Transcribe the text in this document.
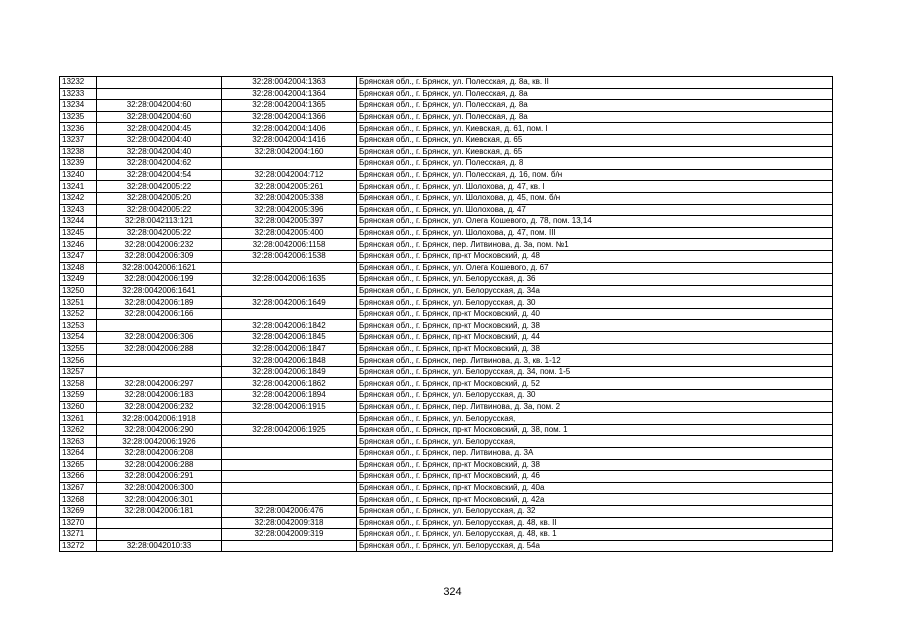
13232		32:28:0042004:1363	Брянская обл., г. Брянск, ул. Полесская, д. 8а, кв. II
13233		32:28:0042004:1364	Брянская обл., г. Брянск, ул. Полесская, д. 8а
13234	32:28:0042004:60	32:28:0042004:1365	Брянская обл., г. Брянск, ул. Полесская, д. 8а
13235	32:28:0042004:60	32:28:0042004:1366	Брянская обл., г. Брянск, ул. Полесская, д. 8а
13236	32:28:0042004:45	32:28:0042004:1406	Брянская обл., г. Брянск, ул. Киевская, д. 61, пом. I
13237	32:28:0042004:40	32:28:0042004:1416	Брянская обл., г. Брянск, ул. Киевская, д. 65
13238	32:28:0042004:40	32:28:0042004:160	Брянская обл., г. Брянск, ул. Киевская, д. 65
13239	32:28:0042004:62		Брянская обл., г. Брянск, ул. Полесская, д. 8
13240	32:28:0042004:54	32:28:0042004:712	Брянская обл., г. Брянск, ул. Полесская, д. 16, пом. б/н
13241	32:28:0042005:22	32:28:0042005:261	Брянская обл., г. Брянск, ул. Шолохова, д. 47, кв. I
13242	32:28:0042005:20	32:28:0042005:338	Брянская обл., г. Брянск, ул. Шолохова, д. 45, пом. б/н
13243	32:28:0042005:22	32:28:0042005:396	Брянская обл., г. Брянск, ул. Шолохова, д. 47
13244	32:28:0042113:121	32:28:0042005:397	Брянская обл., г. Брянск, ул. Олега Кошевого, д. 78, пом. 13,14
13245	32:28:0042005:22	32:28:0042005:400	Брянская обл., г. Брянск, ул. Шолохова, д. 47, пом. III
13246	32:28:0042006:232	32:28:0042006:1158	Брянская обл., г. Брянск, пер. Литвинова, д. 3а, пом. №1
13247	32:28:0042006:309	32:28:0042006:1538	Брянская обл., г. Брянск, пр-кт Московский, д. 48
13248	32:28:0042006:1621		Брянская обл., г. Брянск, ул. Олега Кошевого, д. 67
13249	32:28:0042006:199	32:28:0042006:1635	Брянская обл., г. Брянск, ул. Белорусская, д. 36
13250	32:28:0042006:1641		Брянская обл., г. Брянск, ул. Белорусская, д. 34а
13251	32:28:0042006:189	32:28:0042006:1649	Брянская обл., г. Брянск, ул. Белорусская, д. 30
13252	32:28:0042006:166		Брянская обл., г. Брянск, пр-кт Московский, д. 40
13253		32:28:0042006:1842	Брянская обл., г. Брянск, пр-кт Московский, д. 38
13254	32:28:0042006:306	32:28:0042006:1845	Брянская обл., г. Брянск, пр-кт Московский, д. 44
13255	32:28:0042006:288	32:28:0042006:1847	Брянская обл., г. Брянск, пр-кт Московский, д. 38
13256		32:28:0042006:1848	Брянская обл., г. Брянск, пер. Литвинова, д. 3, кв. 1-12
13257		32:28:0042006:1849	Брянская обл., г. Брянск, ул. Белорусская, д. 34, пом. 1-5
13258	32:28:0042006:297	32:28:0042006:1862	Брянская обл., г. Брянск, пр-кт Московский, д. 52
13259	32:28:0042006:183	32:28:0042006:1894	Брянская обл., г. Брянск, ул. Белорусская, д. 30
13260	32:28:0042006:232	32:28:0042006:1915	Брянская обл., г. Брянск, пер. Литвинова, д. 3а, пом. 2
13261	32:28:0042006:1918		Брянская обл., г. Брянск, ул. Белорусская,
13262	32:28:0042006:290	32:28:0042006:1925	Брянская обл., г. Брянск, пр-кт Московский, д. 38, пом. 1
13263	32:28:0042006:1926		Брянская обл., г. Брянск, ул. Белорусская,
13264	32:28:0042006:208		Брянская обл., г. Брянск, пер. Литвинова, д. 3А
13265	32:28:0042006:288		Брянская обл., г. Брянск, пр-кт Московский, д. 38
13266	32:28:0042006:291		Брянская обл., г. Брянск, пр-кт Московский, д. 46
13267	32:28:0042006:300		Брянская обл., г. Брянск, пр-кт Московский, д. 40а
13268	32:28:0042006:301		Брянская обл., г. Брянск, пр-кт Московский, д. 42а
13269	32:28:0042006:181	32:28:0042006:476	Брянская обл., г. Брянск, ул. Белорусская, д. 32
13270		32:28:0042009:318	Брянская обл., г. Брянск, ул. Белорусская, д. 48, кв. II
13271		32:28:0042009:319	Брянская обл., г. Брянск, ул. Белорусская, д. 48, кв. 1
13272	32:28:0042010:33		Брянская обл., г. Брянск, ул. Белорусская, д. 54а
324
